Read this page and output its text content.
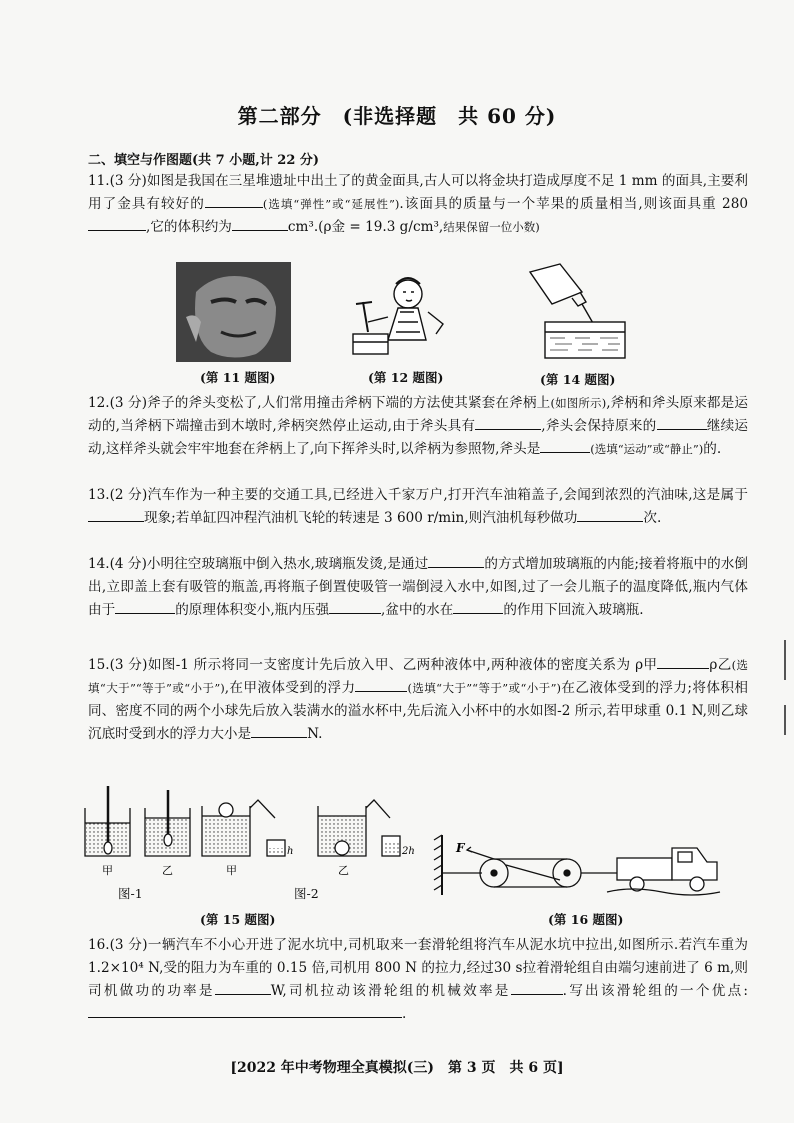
第二部分　(非选择题　共 60 分)
二、填空与作图题(共 7 小题,计 22 分)
11.(3 分)如图是我国在三星堆遗址中出土了的黄金面具,古人可以将金块打造成厚度不足 1 mm 的面具,主要利用了金具有较好的	(选填“弹性”或“延展性”).该面具的质量与一个苹果的质量相当,则该面具重 280,它的体积约为	cm³.(ρ金 = 19.3 g/cm³,结果保留一位小数)
(第 11 题图)	(第 12 题图)	(第 14 题图)
12.(3 分)斧子的斧头变松了,人们常用撞击斧柄下端的方法使其紧套在斧柄上(如图所示),斧柄和斧头原来都是运动的,当斧柄下端撞击到木墩时,斧柄突然停止运动,由于斧头具有	,斧头会保持原来的	继续运动,这样斧头就会牢牢地套在斧柄上了,向下挥斧头时,以斧柄为参照物,斧头是	(选填“运动”或“静止”)的.
13.(2 分)汽车作为一种主要的交通工具,已经进入千家万户,打开汽车油箱盖子,会闻到浓烈的汽油味,这是属于现象;若单缸四冲程汽油机飞轮的转速是 3 600 r/min,则汽油机每秒做功	次.
14.(4 分)小明往空玻璃瓶中倒入热水,玻璃瓶发烫,是通过	的方式增加玻璃瓶的内能;接着将瓶中的水倒出,立即盖上套有吸管的瓶盖,再将瓶子倒置使吸管一端倒浸入水中,如图,过了一会儿瓶子的温度降低,瓶内气体由于	的原理体积变小,瓶内压强	,盆中的水在	的作用下回流入玻璃瓶.
15.(3 分)如图-1 所示将同一支密度计先后放入甲、乙两种液体中,两种液体的密度关系为 ρ甲	ρ乙(选填“大于”“等于”或“小于”),在甲液体受到的浮力	(选填“大于”“等于”或“小于”)在乙液体受到的浮力;将体积相同、密度不同的两个小球先后放入装满水的溢水杯中,先后流入小杯中的水如图-2 所示,若甲球重 0.1 N,则乙球沉底时受到水的浮力大小是	N.
甲	乙	甲	乙
h	2h
图-1	图-2
(第 15 题图)
F
(第 16 题图)
16.(3 分)一辆汽车不小心开进了泥水坑中,司机取来一套滑轮组将汽车从泥水坑中拉出,如图所示.若汽车重为 1.2×10⁴ N,受的阻力为车重的 0.15 倍,司机用 800 N 的拉力,经过30 s拉着滑轮组自由端匀速前进了 6 m,则司机做功的功率是	W,司机拉动该滑轮组的机械效率是	.写出该滑轮组的一个优点:.
[2022 年中考物理全真模拟(三)　第 3 页　共 6 页]
